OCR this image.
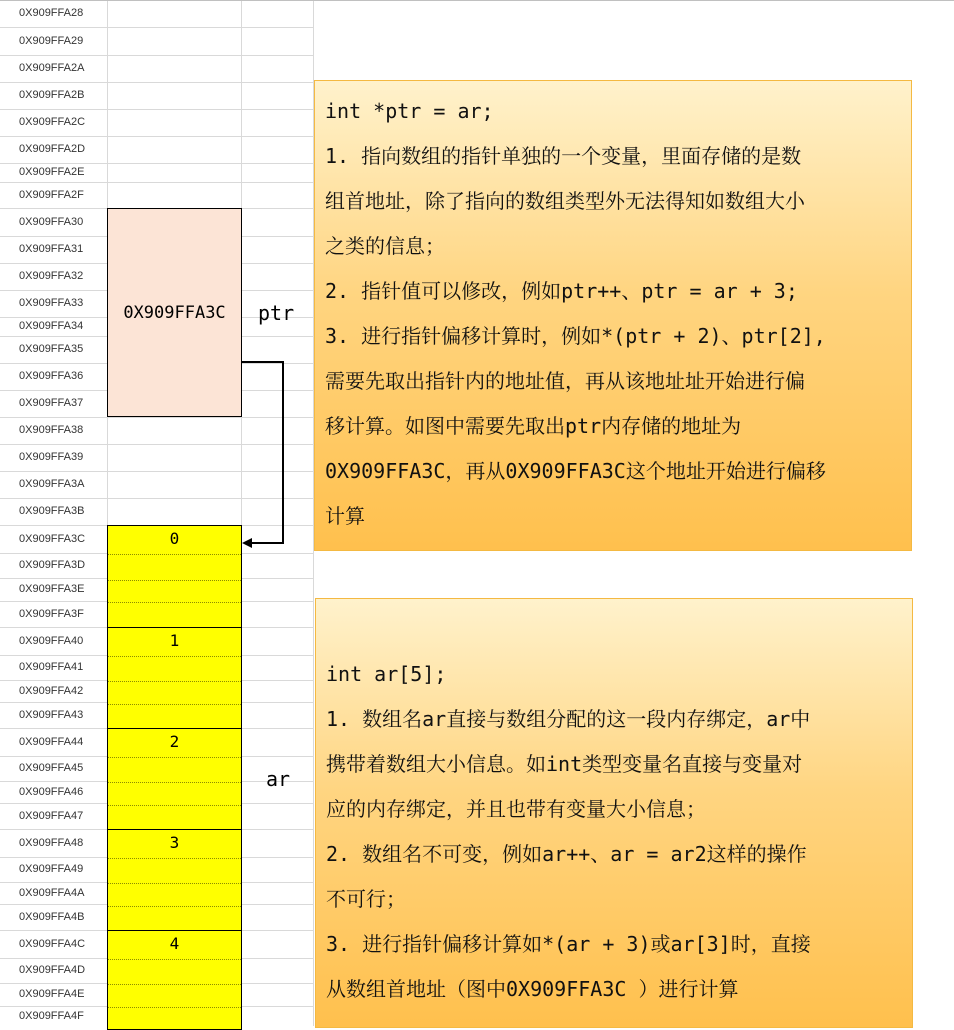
0X909FFA28
0X909FFA29
0X909FFA2A
0X909FFA2B
0X909FFA2C
0X909FFA2D
0X909FFA2E
0X909FFA2F
0X909FFA30
0X909FFA31
0X909FFA32
0X909FFA33
0X909FFA34
0X909FFA35
0X909FFA36
0X909FFA37
0X909FFA38
0X909FFA39
0X909FFA3A
0X909FFA3B
0X909FFA3C
0X909FFA3D
0X909FFA3E
0X909FFA3F
0X909FFA40
0X909FFA41
0X909FFA42
0X909FFA43
0X909FFA44
0X909FFA45
0X909FFA46
0X909FFA47
0X909FFA48
0X909FFA49
0X909FFA4A
0X909FFA4B
0X909FFA4C
0X909FFA4D
0X909FFA4E
0X909FFA4F
0X909FFA3C ptr
0
1
2
3
4
ar
int *ptr = ar;
1. 指向数组的指针单独的一个变量，里面存储的是数
组首地址，除了指向的数组类型外无法得知如数组大小
之类的信息；
2. 指针值可以修改，例如ptr++、ptr = ar + 3;
3. 进行指针偏移计算时，例如*(ptr + 2)、ptr[2],
需要先取出指针内的地址值，再从该地址址开始进行偏
移计算。如图中需要先取出ptr内存储的地址为
0X909FFA3C，再从0X909FFA3C这个地址开始进行偏移
计算
int ar[5];
1. 数组名ar直接与数组分配的这一段内存绑定，ar中
携带着数组大小信息。如int类型变量名直接与变量对
应的内存绑定，并且也带有变量大小信息；
2. 数组名不可变，例如ar++、ar = ar2这样的操作
不可行；
3. 进行指针偏移计算如*(ar + 3)或ar[3]时，直接
从数组首地址（图中0X909FFA3C ）进行计算
